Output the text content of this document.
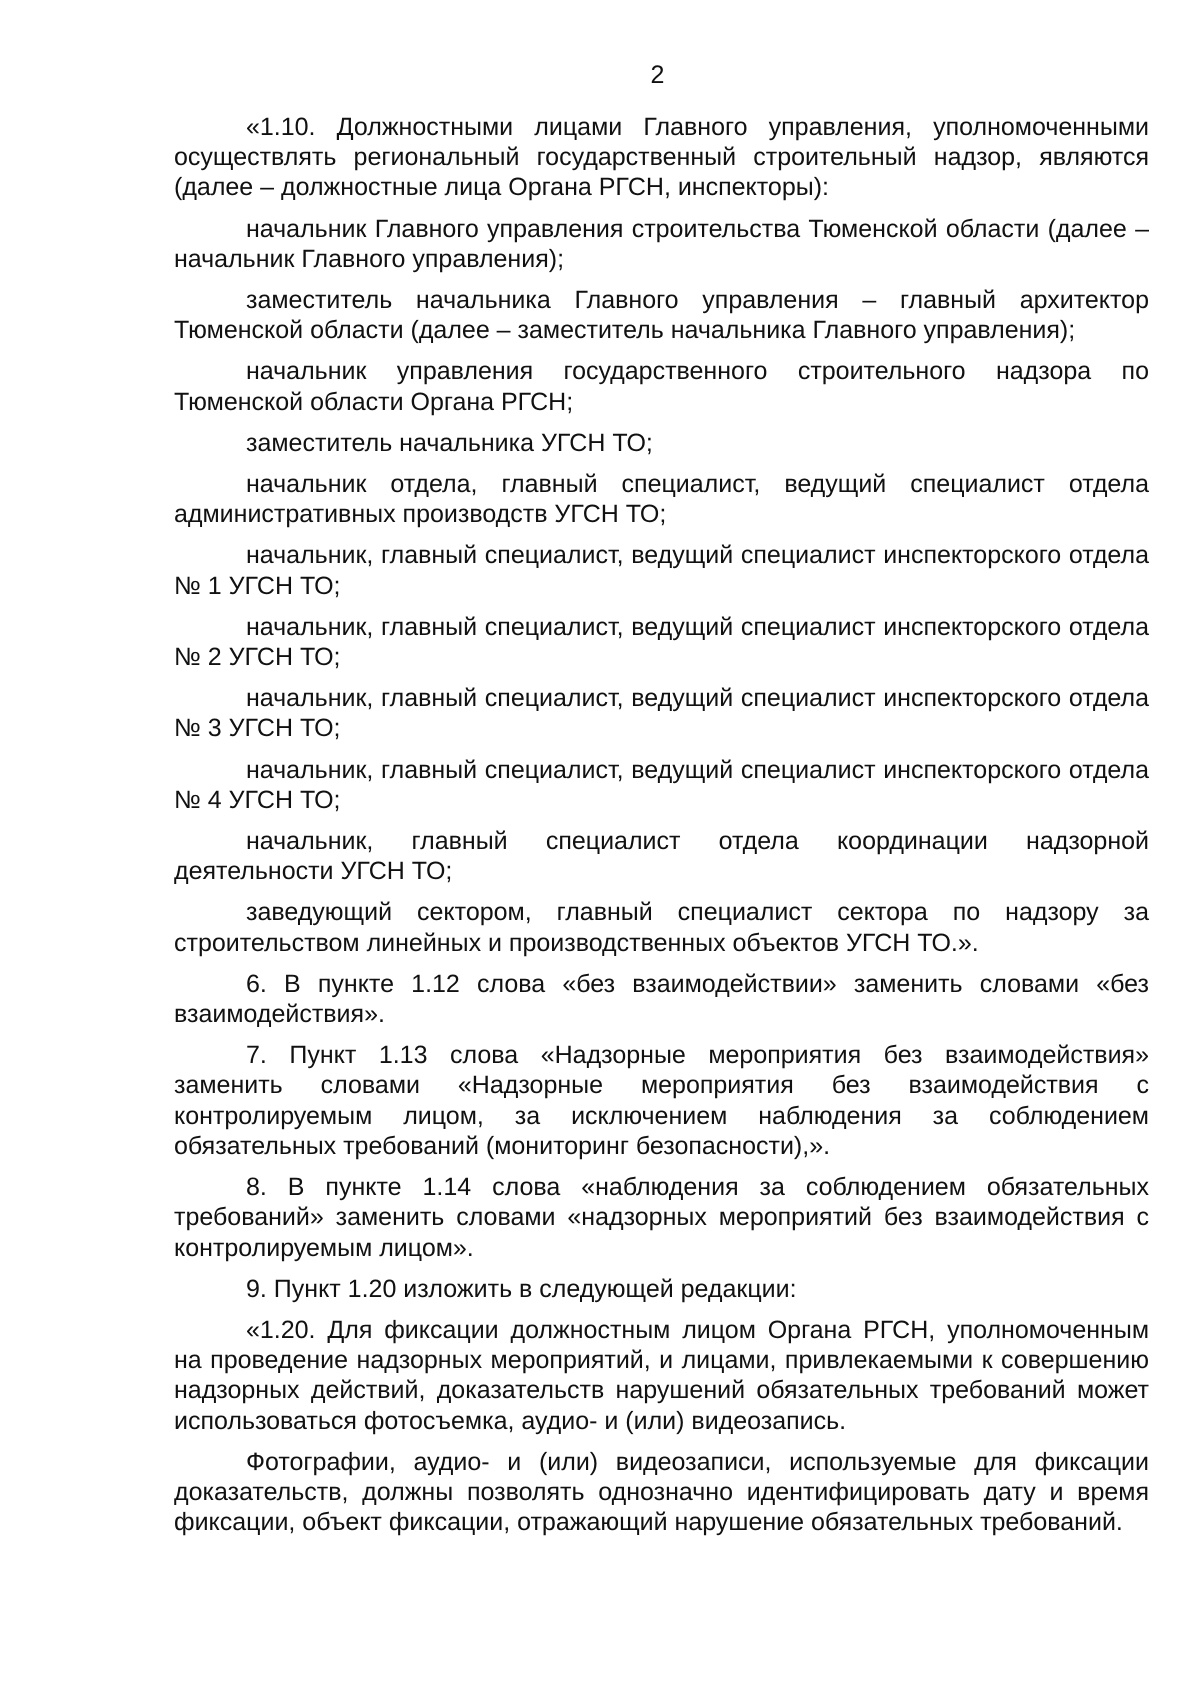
2

«1.10. Должностными лицами Главного управления, уполномоченными осуществлять региональный государственный строительный надзор, являются (далее – должностные лица Органа РГСН, инспекторы):

начальник Главного управления строительства Тюменской области (далее – начальник Главного управления);

заместитель начальника Главного управления – главный архитектор Тюменской области (далее – заместитель начальника Главного управления);

начальник управления государственного строительного надзора по Тюменской области Органа РГСН;

заместитель начальника УГСН ТО;

начальник отдела, главный специалист, ведущий специалист отдела административных производств УГСН ТО;

начальник, главный специалист, ведущий специалист инспекторского отдела № 1 УГСН ТО;

начальник, главный специалист, ведущий специалист инспекторского отдела № 2 УГСН ТО;

начальник, главный специалист, ведущий специалист инспекторского отдела № 3 УГСН ТО;

начальник, главный специалист, ведущий специалист инспекторского отдела № 4 УГСН ТО;

начальник, главный специалист отдела координации надзорной деятельности УГСН ТО;

заведующий сектором, главный специалист сектора по надзору за строительством линейных и производственных объектов УГСН ТО.».

6. В пункте 1.12 слова «без взаимодействии» заменить словами «без взаимодействия».

7. Пункт 1.13 слова «Надзорные мероприятия без взаимодействия» заменить словами «Надзорные мероприятия без взаимодействия с контролируемым лицом, за исключением наблюдения за соблюдением обязательных требований (мониторинг безопасности),».

8. В пункте 1.14 слова «наблюдения за соблюдением обязательных требований» заменить словами «надзорных мероприятий без взаимодействия с контролируемым лицом».

9. Пункт 1.20 изложить в следующей редакции:

«1.20. Для фиксации должностным лицом Органа РГСН, уполномоченным на проведение надзорных мероприятий, и лицами, привлекаемыми к совершению надзорных действий, доказательств нарушений обязательных требований может использоваться фотосъемка, аудио- и (или) видеозапись.

Фотографии, аудио- и (или) видеозаписи, используемые для фиксации доказательств, должны позволять однозначно идентифицировать дату и время фиксации, объект фиксации, отражающий нарушение обязательных требований.
